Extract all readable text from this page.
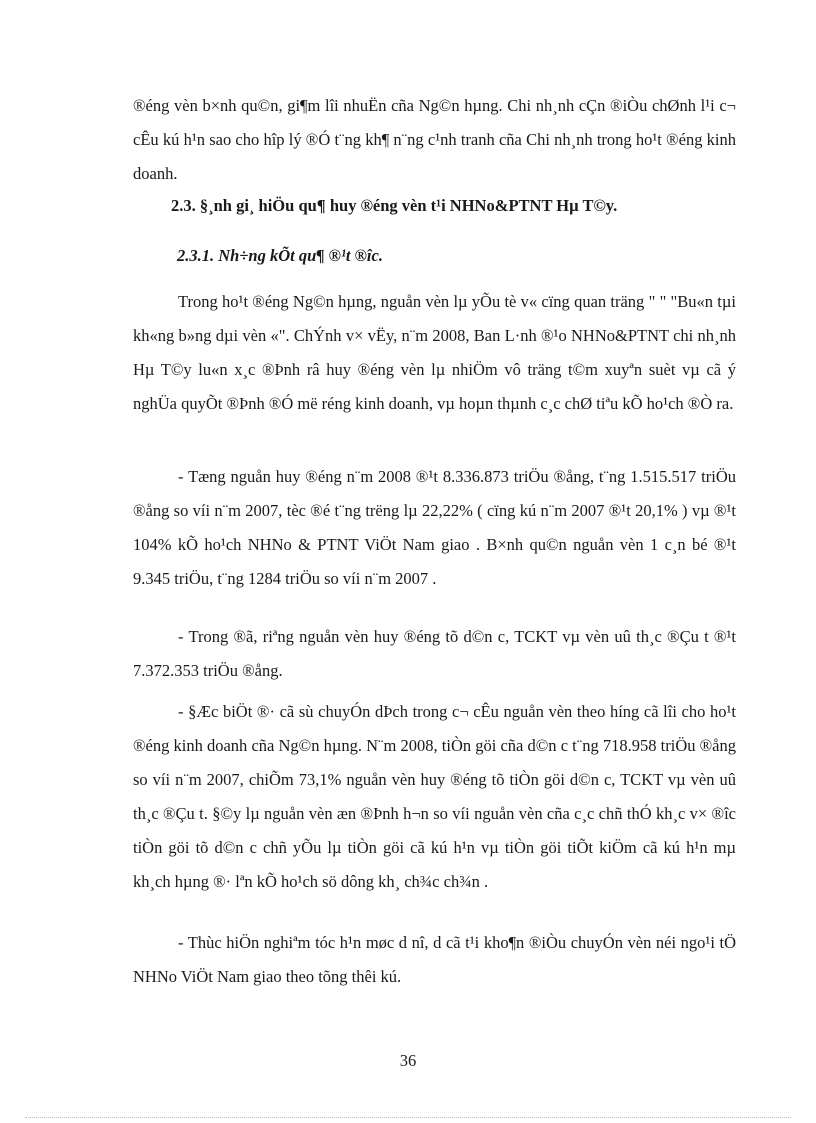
®éng vèn b×nh qu©n, gi¶m lîi nhuËn cña Ng©n hµng. Chi nh¸nh cÇn ®iÒu chØnh l¹i c¬ cÊu kú h¹n sao cho hîp lý ®Ó t¨ng kh¶ n¨ng c¹nh tranh cña Chi nh¸nh trong ho¹t ®éng kinh doanh.
2.3. §¸nh gi¸ hiÖu qu¶ huy ®éng vèn t¹i NHNo&PTNT Hµ T©y.
2.3.1. Nh÷ng kÕt qu¶ ®¹t ®îc.
Trong ho¹t ®éng Ng©n hµng, nguån vèn lµ yÕu tè v« cïng quan träng " " "Bu«n tµi kh«ng b»ng dµi vèn «". ChÝnh v× vËy, n¨m 2008, Ban L·nh ®¹o NHNo&PTNT chi nh¸nh Hµ T©y lu«n x¸c ®Þnh râ huy ®éng vèn lµ nhiÖm vô träng t©m xuyªn suèt vµ cã ý nghÜa quyÕt ®Þnh ®Ó më réng kinh doanh, vµ hoµn thµnh c¸c chØ tiªu kÕ ho¹ch ®Ò ra.
- Tæng nguån huy ®éng n¨m 2008 ®¹t 8.336.873 triÖu ®ång, t¨ng 1.515.517 triÖu ®ång so víi n¨m 2007, tèc ®é t¨ng trëng lµ 22,22% ( cïng kú n¨m 2007 ®¹t 20,1% ) vµ ®¹t 104% kÕ ho¹ch NHNo & PTNT ViÖt Nam giao . B×nh qu©n nguån vèn 1 c¸n bé ®¹t 9.345 triÖu, t¨ng 1284 triÖu so víi n¨m 2007 .
- Trong ®ã, riªng nguån vèn huy ®éng tõ d©n c, TCKT vµ vèn uû th¸c ®Çu t ®¹t 7.372.353 triÖu ®ång.
- §Æc biÖt ®· cã sù chuyÓn dÞch trong c¬ cÊu nguån vèn theo híng cã lîi cho ho¹t ®éng kinh doanh cña Ng©n hµng. N¨m 2008, tiÒn göi cña d©n c t¨ng 718.958 triÖu ®ång so víi n¨m 2007, chiÕm 73,1% nguån vèn huy ®éng tõ tiÒn göi d©n c, TCKT vµ vèn uû th¸c ®Çu t. §©y lµ nguån vèn æn ®Þnh h¬n so víi nguån vèn cña c¸c chñ thÓ kh¸c v× ®îc tiÒn göi tõ d©n c chñ yÕu lµ tiÒn göi cã kú h¹n vµ tiÒn göi tiÕt kiÖm cã kú h¹n mµ kh¸ch hµng ®· lªn kÕ ho¹ch sö dông kh¸ ch¾c ch¾n .
- Thùc hiÖn nghiªm tóc h¹n møc d nî, d cã t¹i kho¶n ®iÒu chuyÓn vèn néi ngo¹i tÖ NHNo ViÖt Nam giao theo tõng thêi kú.
36
